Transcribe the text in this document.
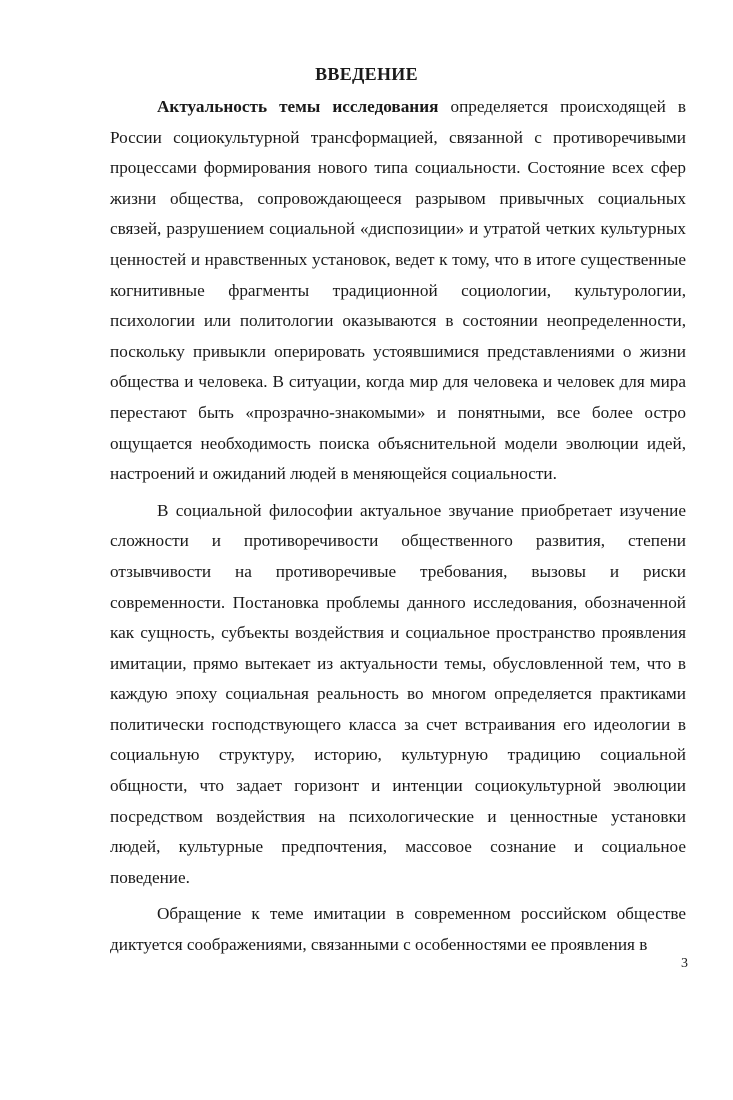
ВВЕДЕНИЕ

Актуальность темы исследования определяется происходящей в России социокультурной трансформацией, связанной с противоречивыми процессами формирования нового типа социальности. Состояние всех сфер жизни общества, сопровождающееся разрывом привычных социальных связей, разрушением социальной «диспозиции» и утратой четких культурных ценностей и нравственных установок, ведет к тому, что в итоге существенные когнитивные фрагменты традиционной социологии, культурологии, психологии или политологии оказываются в состоянии неопределенности, поскольку привыкли оперировать устоявшимися представлениями о жизни общества и человека. В ситуации, когда мир для человека и человек для мира перестают быть «прозрачно-знакомыми» и понятными, все более остро ощущается необходимость поиска объяснительной модели эволюции идей, настроений и ожиданий людей в меняющейся социальности.

В социальной философии актуальное звучание приобретает изучение сложности и противоречивости общественного развития, степени отзывчивости на противоречивые требования, вызовы и риски современности. Постановка проблемы данного исследования, обозначенной как сущность, субъекты воздействия и социальное пространство проявления имитации, прямо вытекает из актуальности темы, обусловленной тем, что в каждую эпоху социальная реальность во многом определяется практиками политически господствующего класса за счет встраивания его идеологии в социальную структуру, историю, культурную традицию социальной общности, что задает горизонт и интенции социокультурной эволюции посредством воздействия на психологические и ценностные установки людей, культурные предпочтения, массовое сознание и социальное поведение.

Обращение к теме имитации в современном российском обществе диктуется соображениями, связанными с особенностями ее проявления в

3
